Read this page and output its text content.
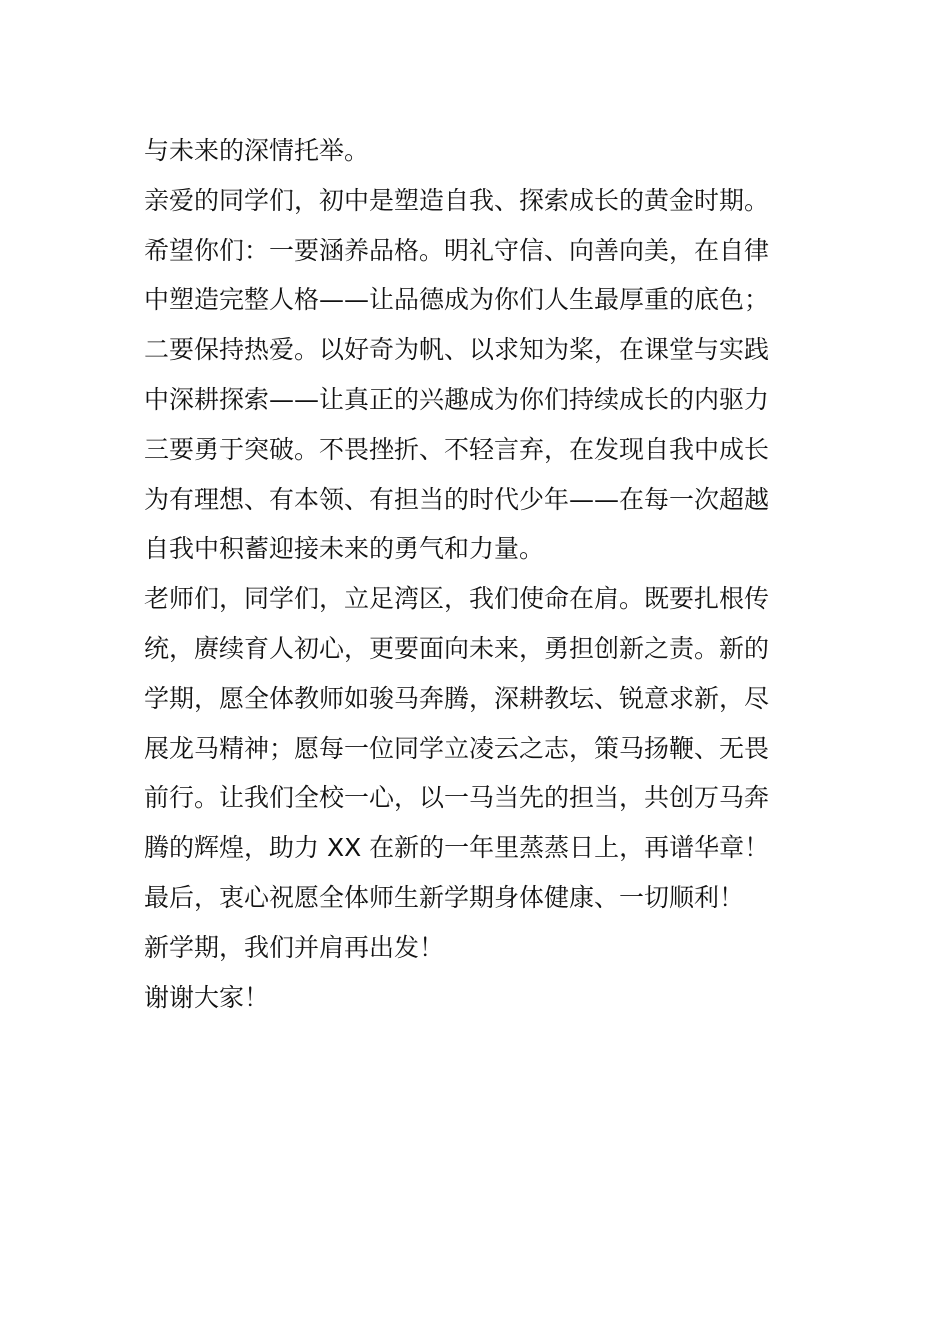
与未来的深情托举。
亲爱的同学们，初中是塑造自我、探索成长的黄金时期。
希望你们：一要涵养品格。明礼守信、向善向美，在自律
中塑造完整人格——让品德成为你们人生最厚重的底色；
二要保持热爱。以好奇为帆、以求知为桨，在课堂与实践
中深耕探索——让真正的兴趣成为你们持续成长的内驱力
三要勇于突破。不畏挫折、不轻言弃，在发现自我中成长
为有理想、有本领、有担当的时代少年——在每一次超越
自我中积蓄迎接未来的勇气和力量。
老师们，同学们，立足湾区，我们使命在肩。既要扎根传
统，赓续育人初心，更要面向未来，勇担创新之责。新的
学期，愿全体教师如骏马奔腾，深耕教坛、锐意求新，尽
展龙马精神；愿每一位同学立凌云之志，策马扬鞭、无畏
前行。让我们全校一心，以一马当先的担当，共创万马奔
腾的辉煌，助力 XX 在新的一年里蒸蒸日上，再谱华章！
最后，衷心祝愿全体师生新学期身体健康、一切顺利！
新学期，我们并肩再出发！
谢谢大家！
